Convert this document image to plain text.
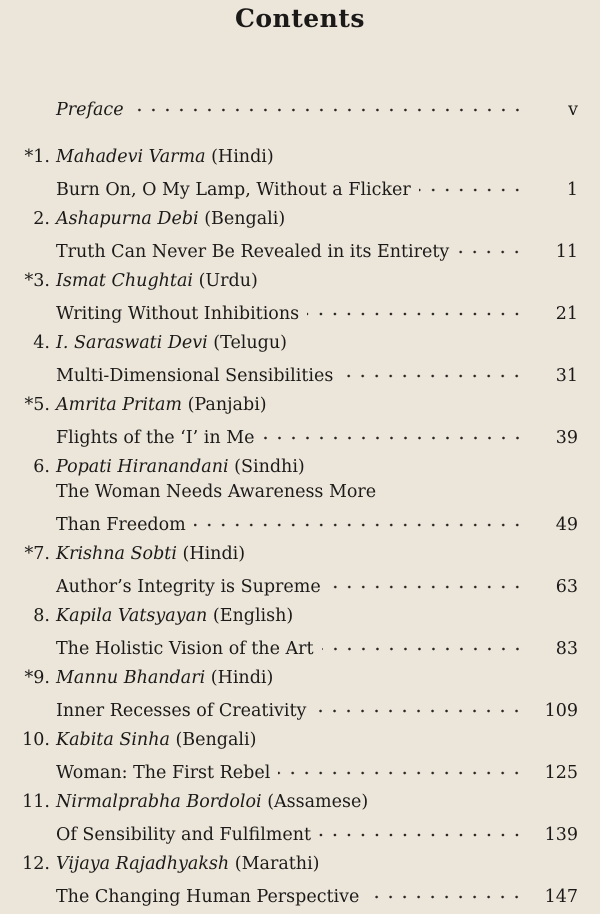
Contents
Preface	v
*1. Mahadevi Varma (Hindi)
Burn On, O My Lamp, Without a Flicker	1
2. Ashapurna Debi (Bengali)
Truth Can Never Be Revealed in its Entirety	11
*3. Ismat Chughtai (Urdu)
Writing Without Inhibitions	21
4. I. Saraswati Devi (Telugu)
Multi-Dimensional Sensibilities	31
*5. Amrita Pritam (Panjabi)
Flights of the ‘I’ in Me	39
6. Popati Hiranandani (Sindhi)
The Woman Needs Awareness More
Than Freedom	49
*7. Krishna Sobti (Hindi)
Author’s Integrity is Supreme	63
8. Kapila Vatsyayan (English)
The Holistic Vision of the Art	83
*9. Mannu Bhandari (Hindi)
Inner Recesses of Creativity	109
10. Kabita Sinha (Bengali)
Woman: The First Rebel	125
11. Nirmalprabha Bordoloi (Assamese)
Of Sensibility and Fulfilment	139
12. Vijaya Rajadhyaksh (Marathi)
The Changing Human Perspective	147
